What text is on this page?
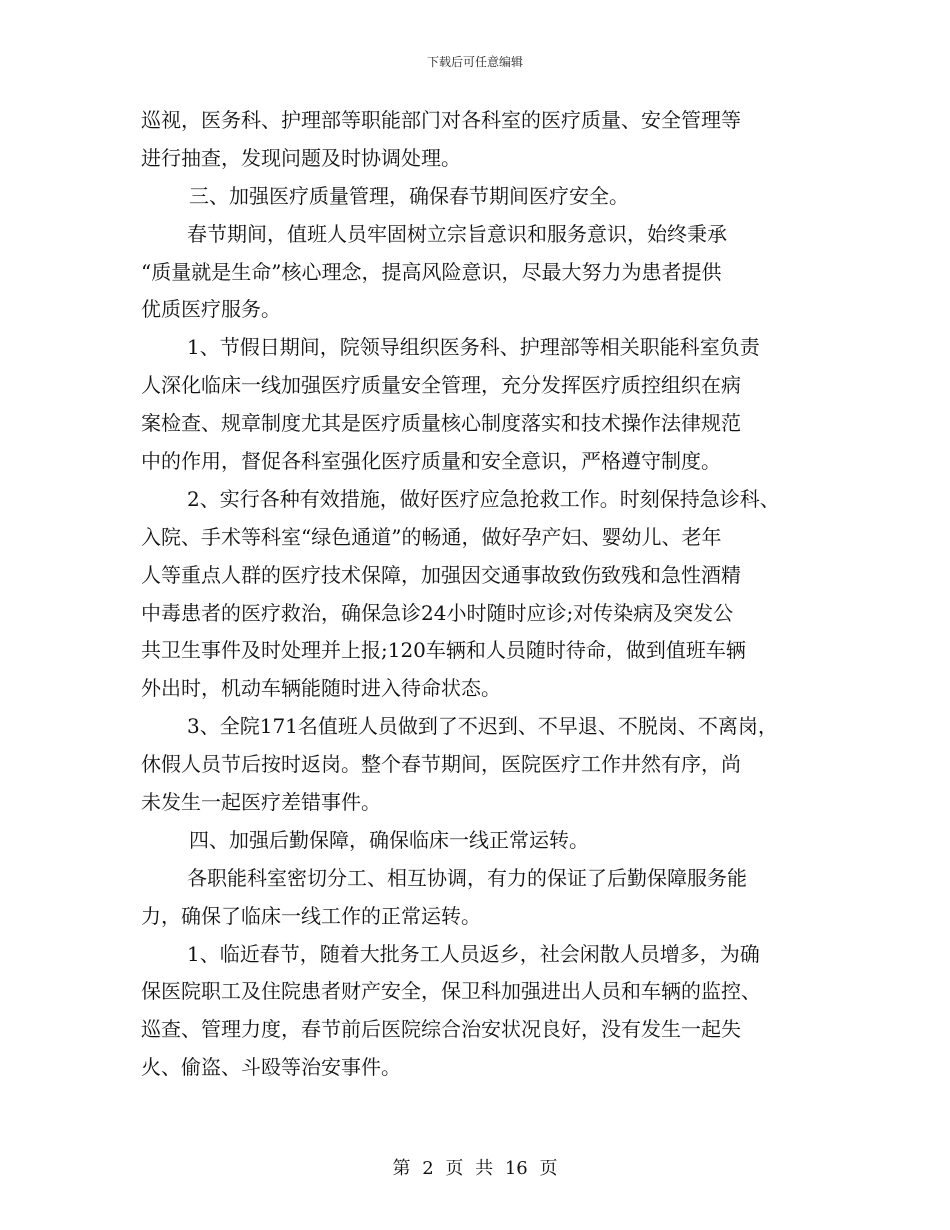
下载后可任意编辑
巡视，医务科、护理部等职能部门对各科室的医疗质量、安全管理等
进行抽查，发现问题及时协调处理。
三、加强医疗质量管理，确保春节期间医疗安全。
春节期间，值班人员牢固树立宗旨意识和服务意识，始终秉承
“质量就是生命”核心理念，提高风险意识，尽最大努力为患者提供
优质医疗服务。
1、节假日期间，院领导组织医务科、护理部等相关职能科室负责
人深化临床一线加强医疗质量安全管理，充分发挥医疗质控组织在病
案检查、规章制度尤其是医疗质量核心制度落实和技术操作法律规范
中的作用，督促各科室强化医疗质量和安全意识，严格遵守制度。
2、实行各种有效措施，做好医疗应急抢救工作。时刻保持急诊科、
入院、手术等科室“绿色通道”的畅通，做好孕产妇、婴幼儿、老年
人等重点人群的医疗技术保障，加强因交通事故致伤致残和急性酒精
中毒患者的医疗救治，确保急诊24小时随时应诊;对传染病及突发公
共卫生事件及时处理并上报;120车辆和人员随时待命，做到值班车辆
外出时，机动车辆能随时进入待命状态。
3、全院171名值班人员做到了不迟到、不早退、不脱岗、不离岗，
休假人员节后按时返岗。整个春节期间，医院医疗工作井然有序，尚
未发生一起医疗差错事件。
四、加强后勤保障，确保临床一线正常运转。
各职能科室密切分工、相互协调，有力的保证了后勤保障服务能
力，确保了临床一线工作的正常运转。
1、临近春节，随着大批务工人员返乡，社会闲散人员增多，为确
保医院职工及住院患者财产安全，保卫科加强进出人员和车辆的监控、
巡查、管理力度，春节前后医院综合治安状况良好，没有发生一起失
火、偷盗、斗殴等治安事件。
第 2 页 共 16 页
